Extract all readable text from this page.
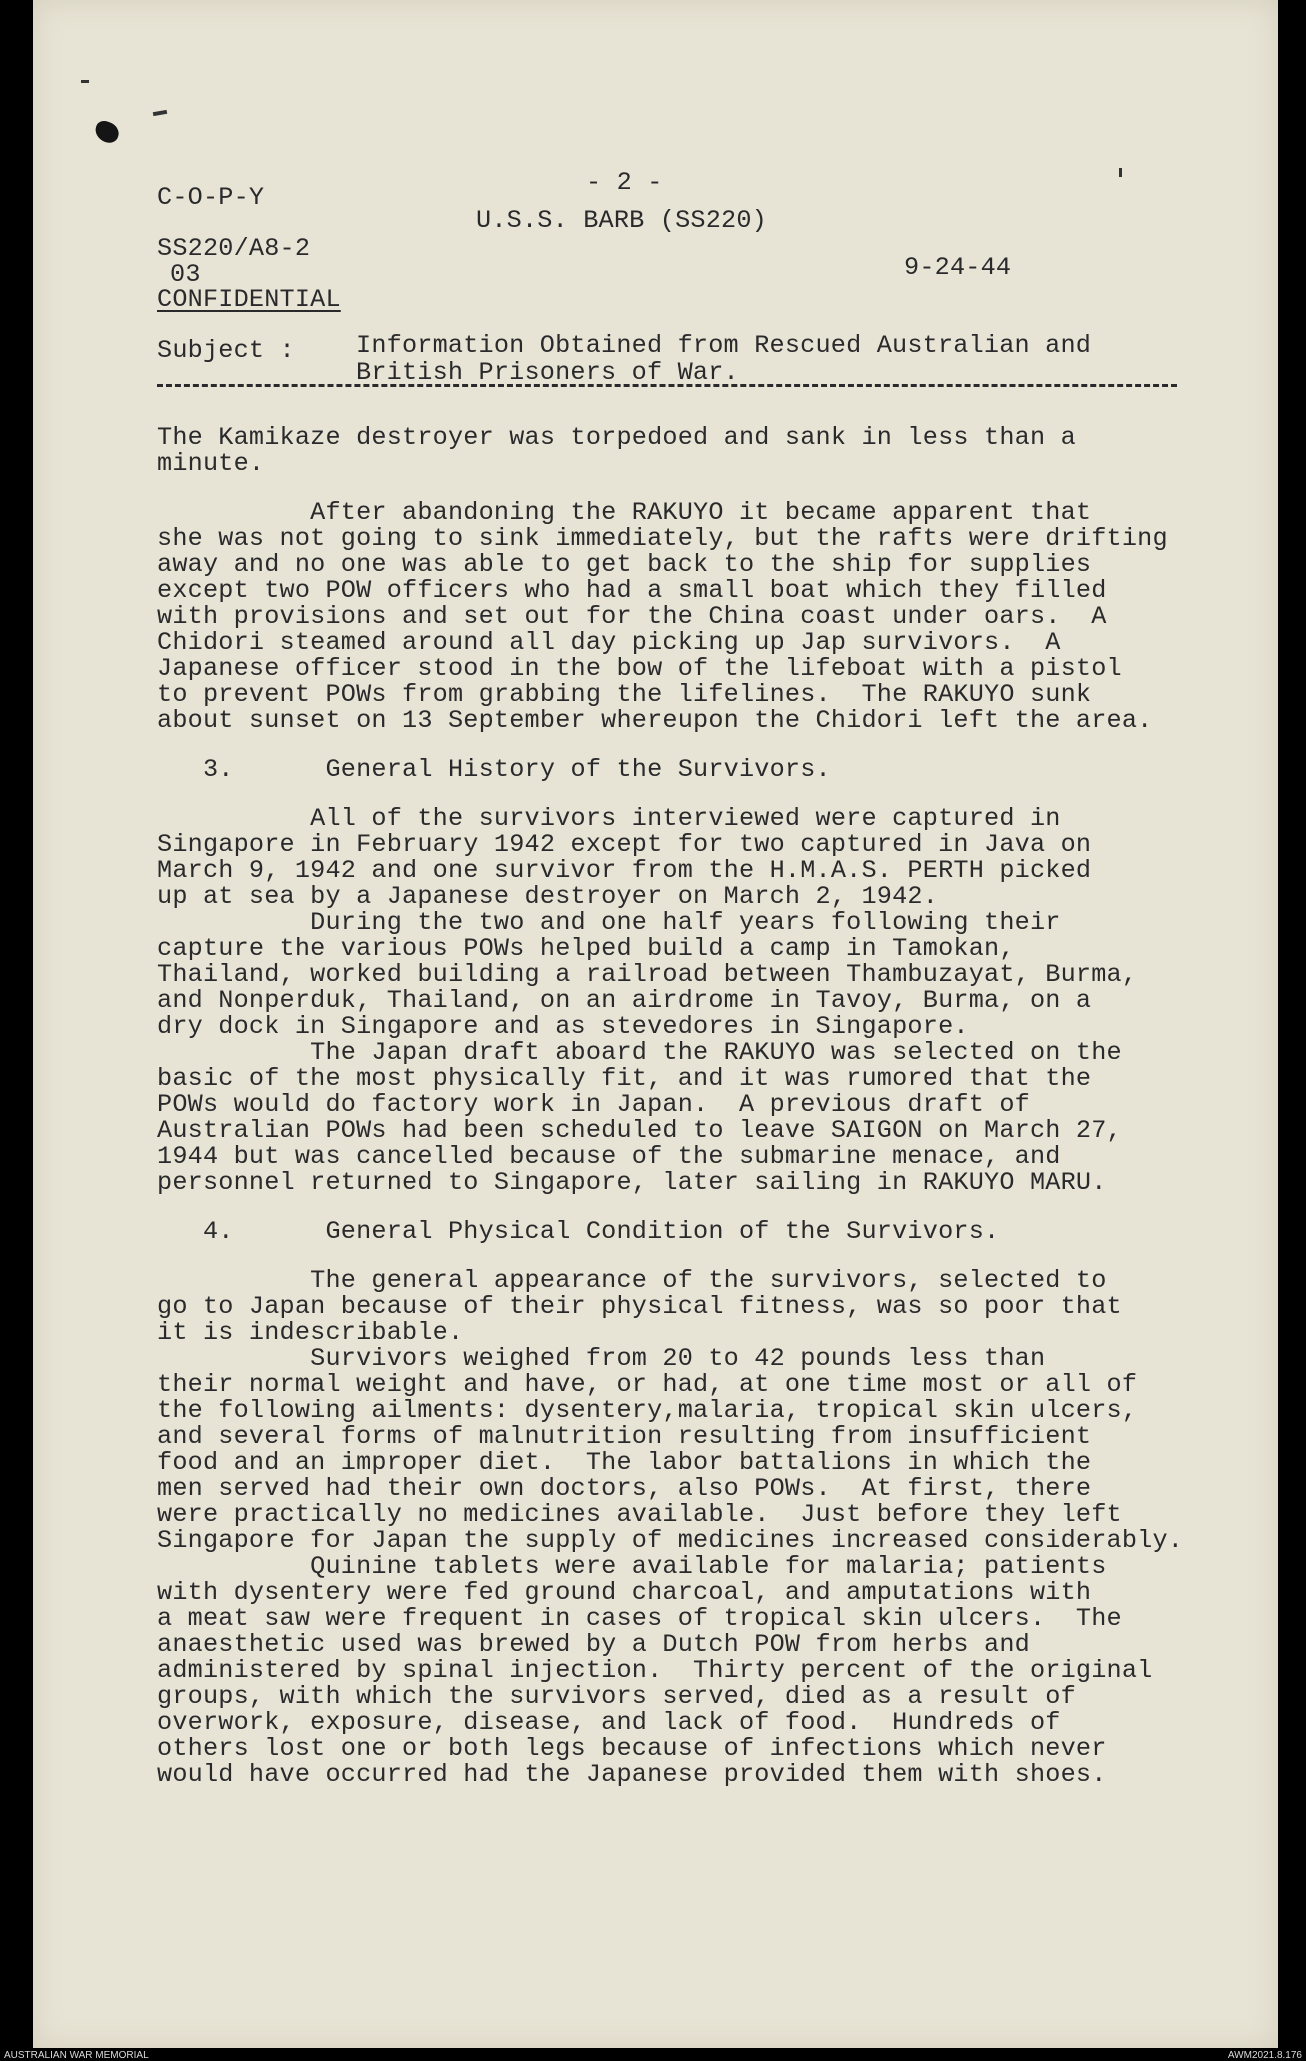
- 2 -
C-O-P-Y
U.S.S. BARB (SS220)
SS220/A8-2
03	9-24-44
CONFIDENTIAL
Subject : Information Obtained from Rescued Australian and
British Prisoners of War.
The Kamikaze destroyer was torpedoed and sank in less than a
minute.
After abandoning the RAKUYO it became apparent that
she was not going to sink immediately, but the rafts were drifting
away and no one was able to get back to the ship for supplies
except two POW officers who had a small boat which they filled
with provisions and set out for the China coast under oars.  A
Chidori steamed around all day picking up Jap survivors.  A
Japanese officer stood in the bow of the lifeboat with a pistol
to prevent POWs from grabbing the lifelines.  The RAKUYO sunk
about sunset on 13 September whereupon the Chidori left the area.
3.      General History of the Survivors.
All of the survivors interviewed were captured in
Singapore in February 1942 except for two captured in Java on
March 9, 1942 and one survivor from the H.M.A.S. PERTH picked
up at sea by a Japanese destroyer on March 2, 1942.
During the two and one half years following their
capture the various POWs helped build a camp in Tamokan,
Thailand, worked building a railroad between Thambuzayat, Burma,
and Nonperduk, Thailand, on an airdrome in Tavoy, Burma, on a
dry dock in Singapore and as stevedores in Singapore.
The Japan draft aboard the RAKUYO was selected on the
basic of the most physically fit, and it was rumored that the
POWs would do factory work in Japan.  A previous draft of
Australian POWs had been scheduled to leave SAIGON on March 27,
1944 but was cancelled because of the submarine menace, and
personnel returned to Singapore, later sailing in RAKUYO MARU.
4.      General Physical Condition of the Survivors.
The general appearance of the survivors, selected to
go to Japan because of their physical fitness, was so poor that
it is indescribable.
Survivors weighed from 20 to 42 pounds less than
their normal weight and have, or had, at one time most or all of
the following ailments: dysentery,malaria, tropical skin ulcers,
and several forms of malnutrition resulting from insufficient
food and an improper diet.  The labor battalions in which the
men served had their own doctors, also POWs.  At first, there
were practically no medicines available.  Just before they left
Singapore for Japan the supply of medicines increased considerably.
Quinine tablets were available for malaria; patients
with dysentery were fed ground charcoal, and amputations with
a meat saw were frequent in cases of tropical skin ulcers.  The
anaesthetic used was brewed by a Dutch POW from herbs and
administered by spinal injection.  Thirty percent of the original
groups, with which the survivors served, died as a result of
overwork, exposure, disease, and lack of food.  Hundreds of
others lost one or both legs because of infections which never
would have occurred had the Japanese provided them with shoes.
AUSTRALIAN WAR MEMORIAL	AWM2021.8.176
